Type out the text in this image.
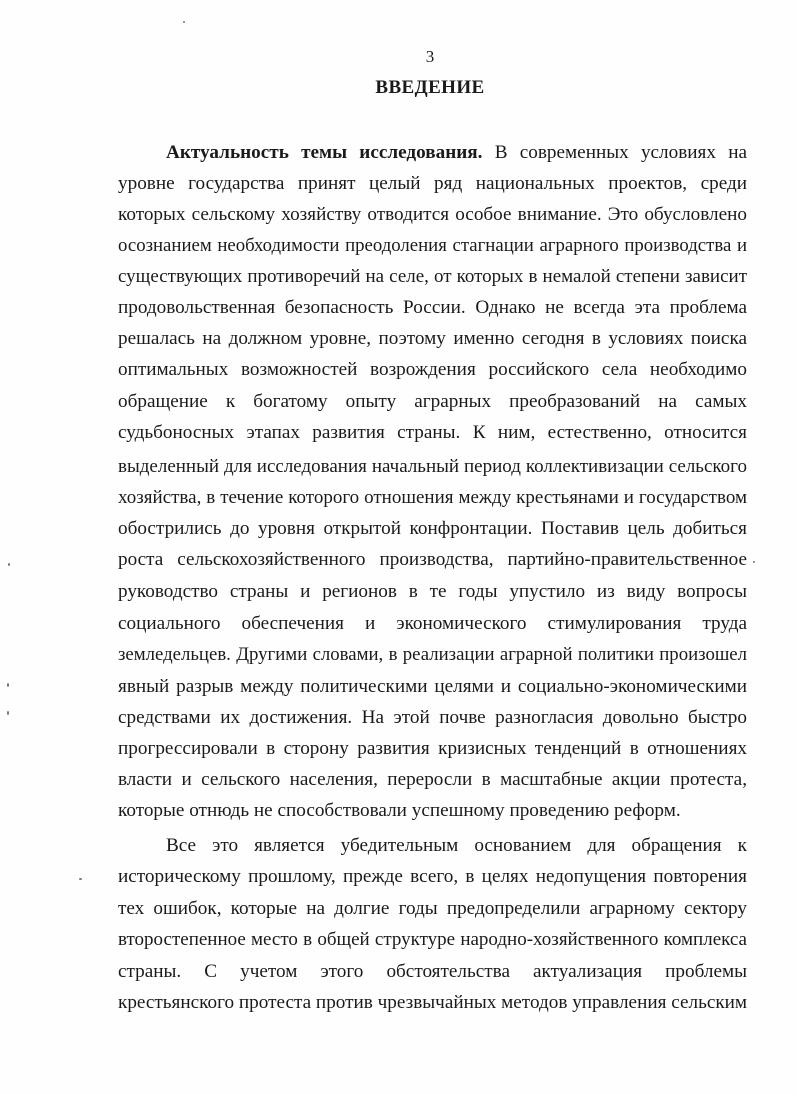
3
ВВЕДЕНИЕ
Актуальность темы исследования. В современных условиях на
уровне государства принят целый ряд национальных проектов, среди
которых сельскому хозяйству отводится особое внимание. Это обусловлено
осознанием необходимости преодоления стагнации аграрного производства и
существующих противоречий на селе, от которых в немалой степени зависит
продовольственная безопасность России. Однако не всегда эта проблема
решалась на должном уровне, поэтому именно сегодня в условиях поиска
оптимальных возможностей возрождения российского села необходимо
обращение к богатому опыту аграрных преобразований на самых
судьбоносных этапах развития страны. К ним, естественно, относится
выделенный для исследования начальный период коллективизации сельского
хозяйства, в течение которого отношения между крестьянами и государством
обострились до уровня открытой конфронтации. Поставив цель добиться
роста сельскохозяйственного производства, партийно-правительственное
руководство страны и регионов в те годы упустило из виду вопросы
социального обеспечения и экономического стимулирования труда
земледельцев. Другими словами, в реализации аграрной политики произошел
явный разрыв между политическими целями и социально-экономическими
средствами их достижения. На этой почве разногласия довольно быстро
прогрессировали в сторону развития кризисных тенденций в отношениях
власти и сельского населения, переросли в масштабные акции протеста,
которые отнюдь не способствовали успешному проведению реформ.
Все это является убедительным основанием для обращения к
историческому прошлому, прежде всего, в целях недопущения повторения
тех ошибок, которые на долгие годы предопределили аграрному сектору
второстепенное место в общей структуре народно-хозяйственного комплекса
страны. С учетом этого обстоятельства актуализация проблемы
крестьянского протеста против чрезвычайных методов управления сельским
